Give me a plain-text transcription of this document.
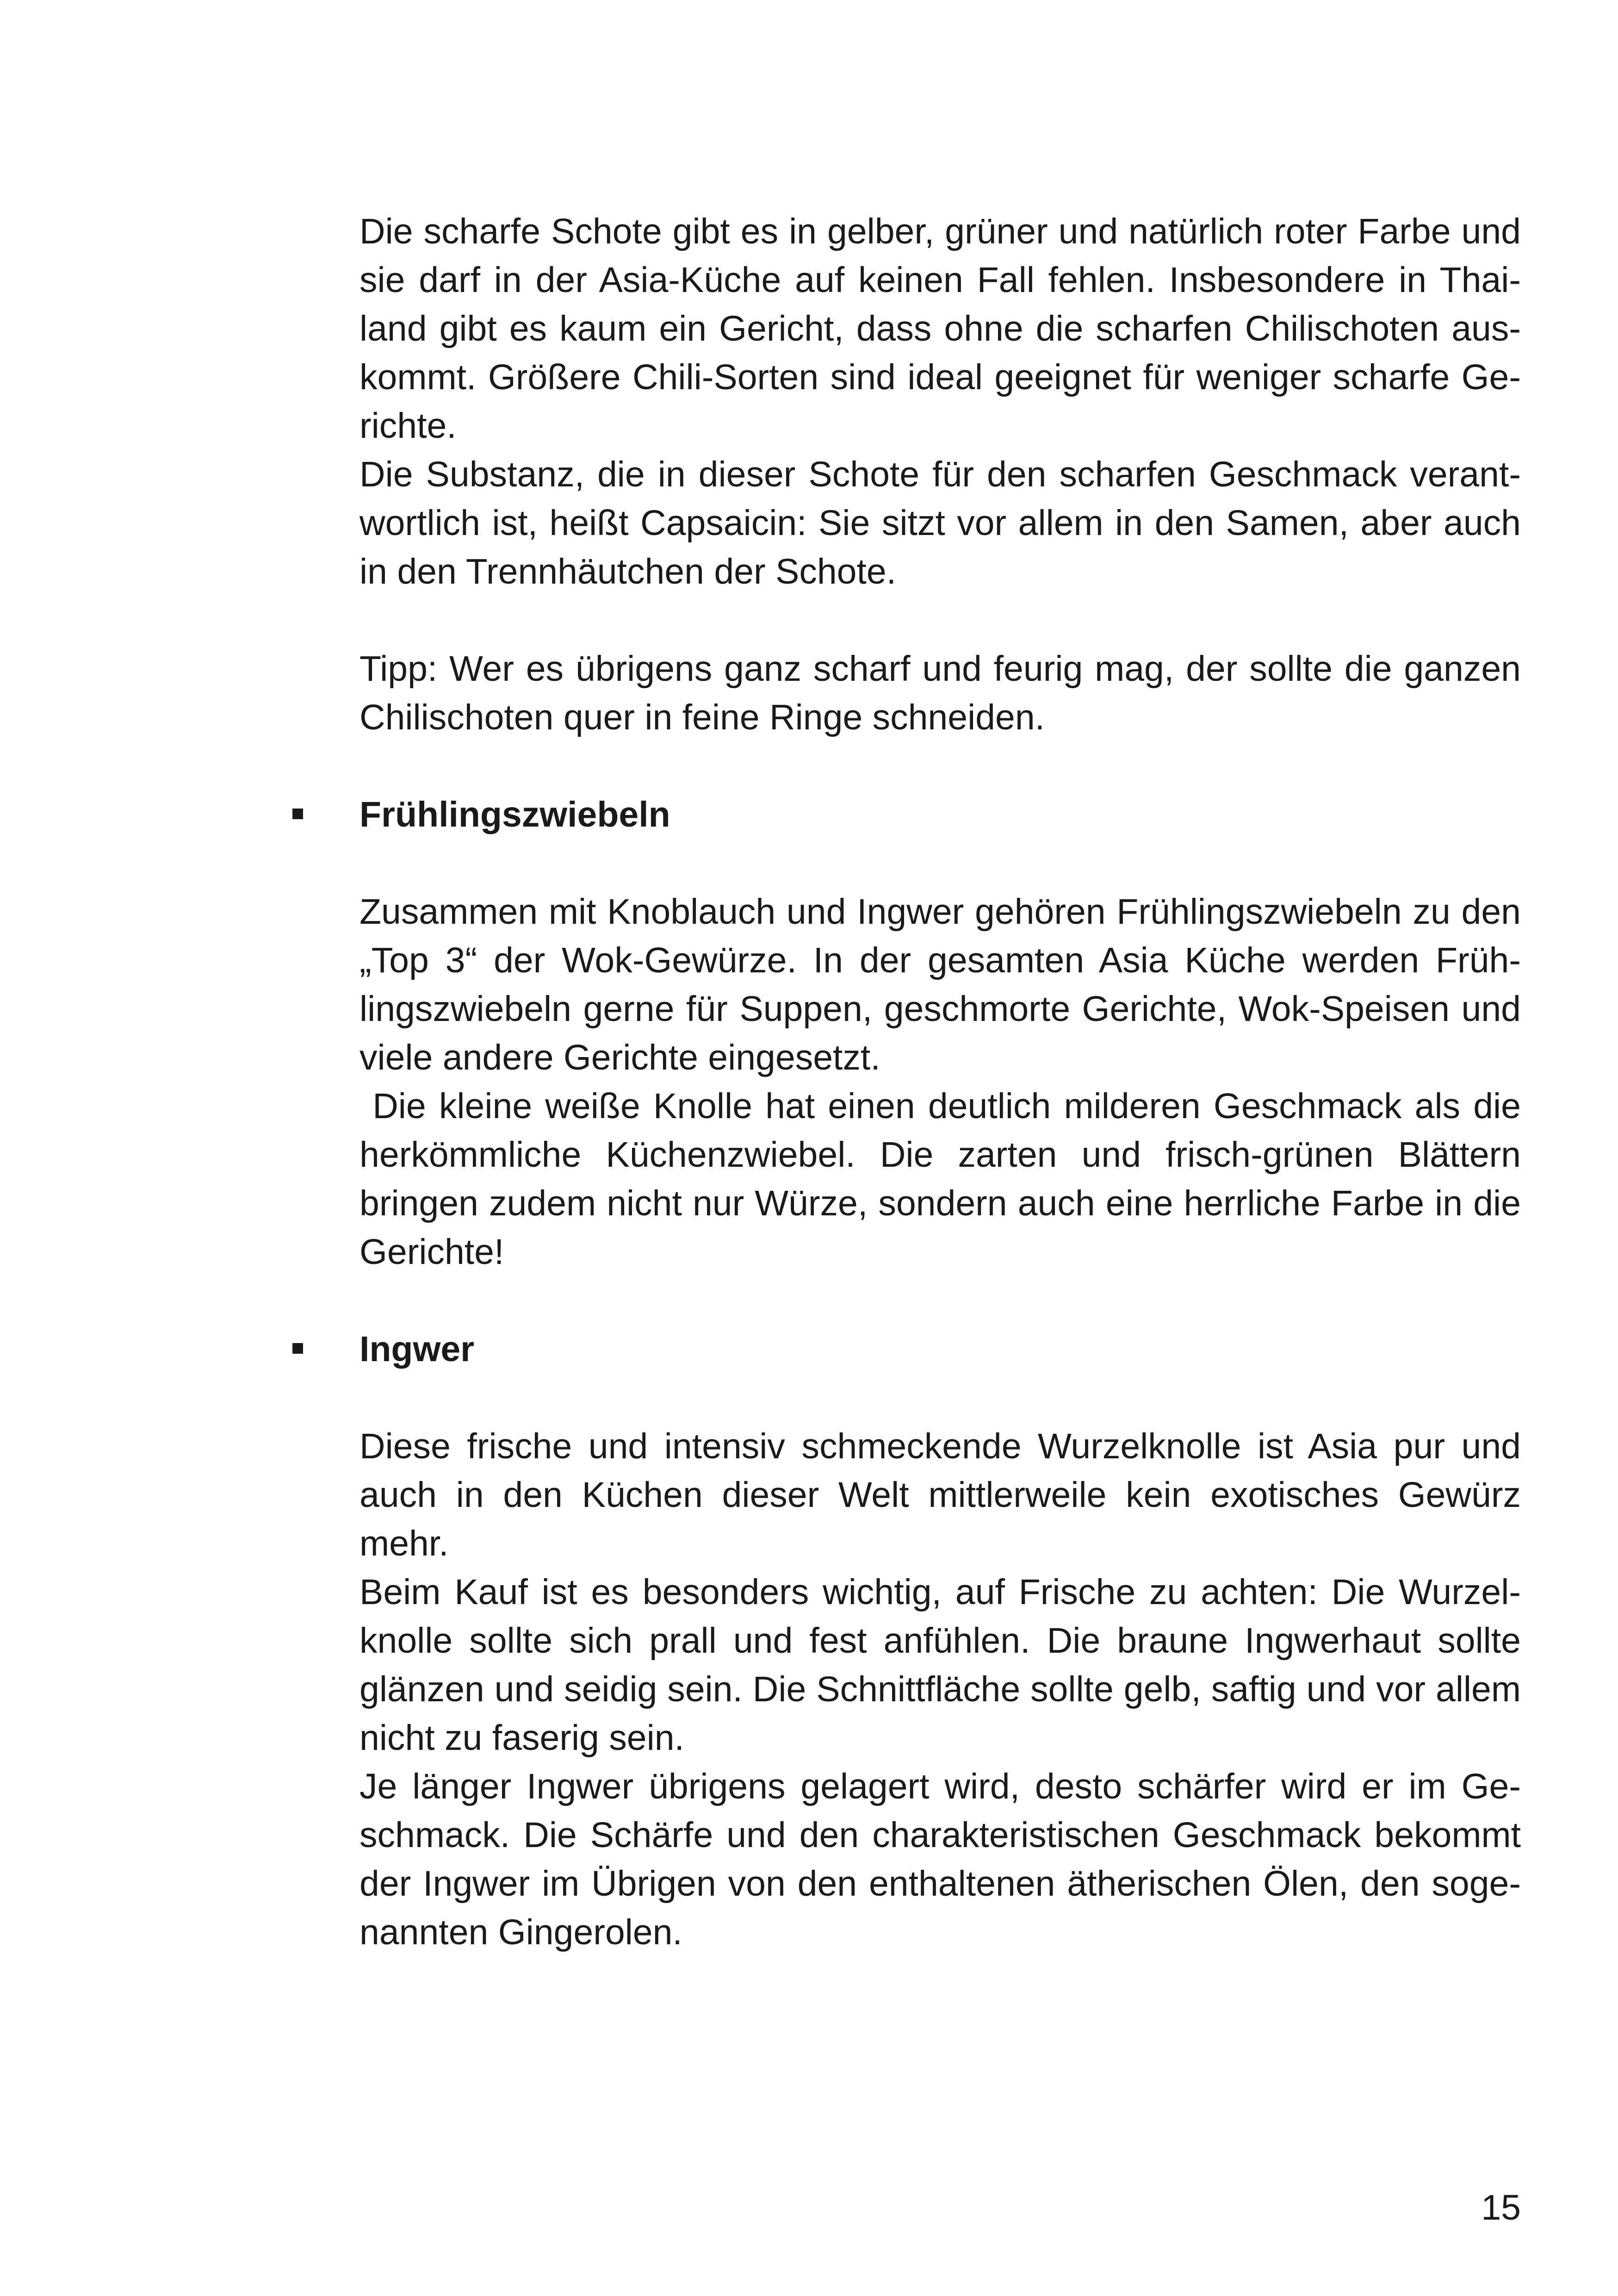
Die scharfe Schote gibt es in gelber, grüner und natürlich roter Farbe und sie darf in der Asia-Küche auf keinen Fall fehlen. Insbesondere in Thailand gibt es kaum ein Gericht, dass ohne die scharfen Chilischoten auskommt. Größere Chili-Sorten sind ideal geeignet für weniger scharfe Gerichte.

Die Substanz, die in dieser Schote für den scharfen Geschmack verantwortlich ist, heißt Capsaicin: Sie sitzt vor allem in den Samen, aber auch in den Trennhäutchen der Schote.

Tipp: Wer es übrigens ganz scharf und feurig mag, der sollte die ganzen Chilischoten quer in feine Ringe schneiden.

Frühlingszwiebeln

Zusammen mit Knoblauch und Ingwer gehören Frühlingszwiebeln zu den „Top 3“ der Wok-Gewürze. In der gesamten Asia Küche werden Frühlingszwiebeln gerne für Suppen, geschmorte Gerichte, Wok-Speisen und viele andere Gerichte eingesetzt.

Die kleine weiße Knolle hat einen deutlich milderen Geschmack als die herkömmliche Küchenzwiebel. Die zarten und frisch-grünen Blättern bringen zudem nicht nur Würze, sondern auch eine herrliche Farbe in die Gerichte!

Ingwer

Diese frische und intensiv schmeckende Wurzelknolle ist Asia pur und auch in den Küchen dieser Welt mittlerweile kein exotisches Gewürz mehr.

Beim Kauf ist es besonders wichtig, auf Frische zu achten: Die Wurzelknolle sollte sich prall und fest anfühlen. Die braune Ingwerhaut sollte glänzen und seidig sein. Die Schnittfläche sollte gelb, saftig und vor allem nicht zu faserig sein.

Je länger Ingwer übrigens gelagert wird, desto schärfer wird er im Geschmack. Die Schärfe und den charakteristischen Geschmack bekommt der Ingwer im Übrigen von den enthaltenen ätherischen Ölen, den sogenannten Gingerolen.

15
